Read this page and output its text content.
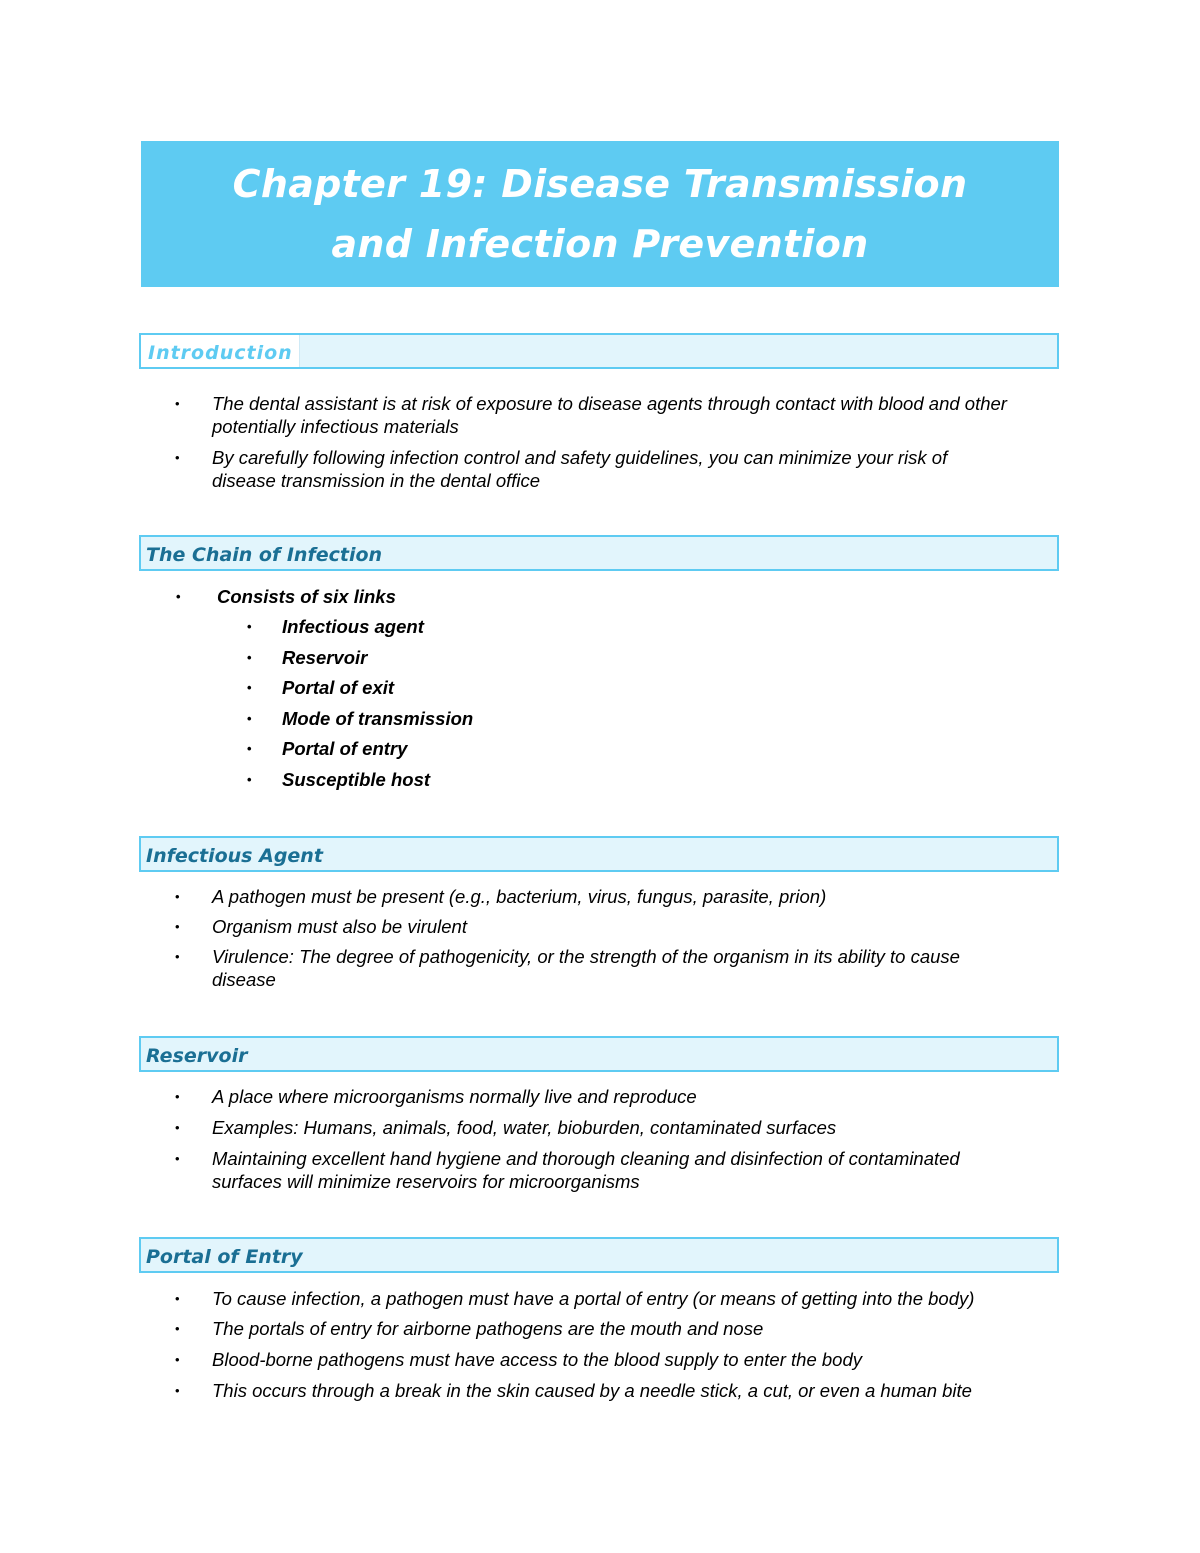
Chapter 19: Disease Transmission
and Infection Prevention
Introduction
• The dental assistant is at risk of exposure to disease agents through contact with blood and other
potentially infectious materials
• By carefully following infection control and safety guidelines, you can minimize your risk of
disease transmission in the dental office
The Chain of Infection
• Consists of six links
• Infectious agent
• Reservoir
• Portal of exit
• Mode of transmission
• Portal of entry
• Susceptible host
Infectious Agent
• A pathogen must be present (e.g., bacterium, virus, fungus, parasite, prion)
• Organism must also be virulent
• Virulence: The degree of pathogenicity, or the strength of the organism in its ability to cause
disease
Reservoir
• A place where microorganisms normally live and reproduce
• Examples: Humans, animals, food, water, bioburden, contaminated surfaces
• Maintaining excellent hand hygiene and thorough cleaning and disinfection of contaminated
surfaces will minimize reservoirs for microorganisms
Portal of Entry
• To cause infection, a pathogen must have a portal of entry (or means of getting into the body)
• The portals of entry for airborne pathogens are the mouth and nose
• Blood-borne pathogens must have access to the blood supply to enter the body
• This occurs through a break in the skin caused by a needle stick, a cut, or even a human bite
